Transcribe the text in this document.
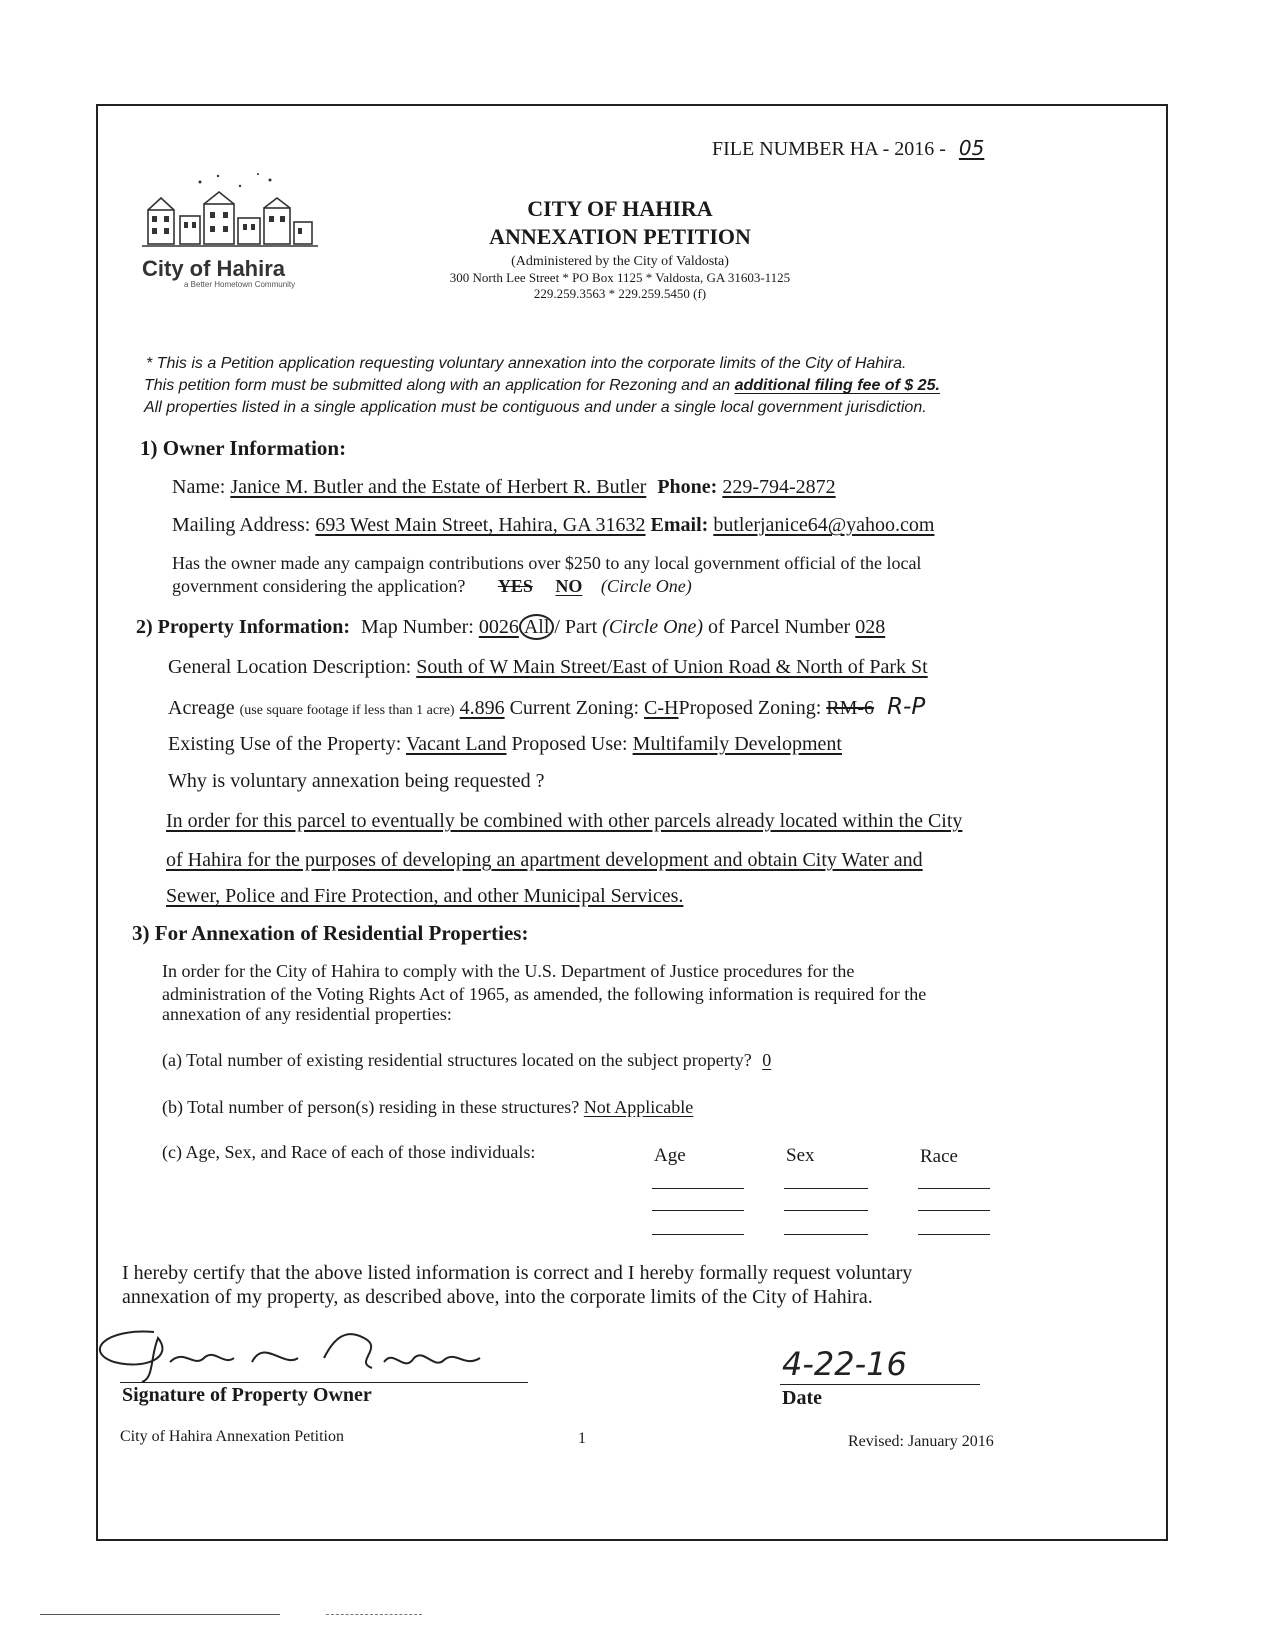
FILE NUMBER HA - 2016 - 05
City of Hahira
a Better Hometown Community
CITY OF HAHIRA
ANNEXATION PETITION
(Administered by the City of Valdosta)
300 North Lee Street * PO Box 1125 * Valdosta, GA 31603-1125
229.259.3563 * 229.259.5450 (f)
* This is a Petition application requesting voluntary annexation into the corporate limits of the City of Hahira.
This petition form must be submitted along with an application for Rezoning and an additional filing fee of $ 25.
All properties listed in a single application must be contiguous and under a single local government jurisdiction.
1) Owner Information:
Name: Janice M. Butler and the Estate of Herbert R. Butler Phone: 229-794-2872
Mailing Address: 693 West Main Street, Hahira, GA 31632 Email: butlerjanice64@yahoo.com
Has the owner made any campaign contributions over $250 to any local government official of the local
government considering the application? YES NO (Circle One)
2) Property Information: Map Number: 0026 All / Part (Circle One) of Parcel Number 028
General Location Description: South of W Main Street/East of Union Road & North of Park St
Acreage (use square footage if less than 1 acre) 4.896 Current Zoning: C-HProposed Zoning: RM-6 R-P
Existing Use of the Property: Vacant Land Proposed Use: Multifamily Development
Why is voluntary annexation being requested ?
In order for this parcel to eventually be combined with other parcels already located within the City
of Hahira for the purposes of developing an apartment development and obtain City Water and
Sewer, Police and Fire Protection, and other Municipal Services.
3) For Annexation of Residential Properties:
In order for the City of Hahira to comply with the U.S. Department of Justice procedures for the
administration of the Voting Rights Act of 1965, as amended, the following information is required for the
annexation of any residential properties:
(a) Total number of existing residential structures located on the subject property? 0
(b) Total number of person(s) residing in these structures? Not Applicable
(c) Age, Sex, and Race of each of those individuals:	Age	Sex	Race
I hereby certify that the above listed information is correct and I hereby formally request voluntary
annexation of my property, as described above, into the corporate limits of the City of Hahira.
Signature of Property Owner
4-22-16
Date
City of Hahira Annexation Petition	1	Revised: January 2016
